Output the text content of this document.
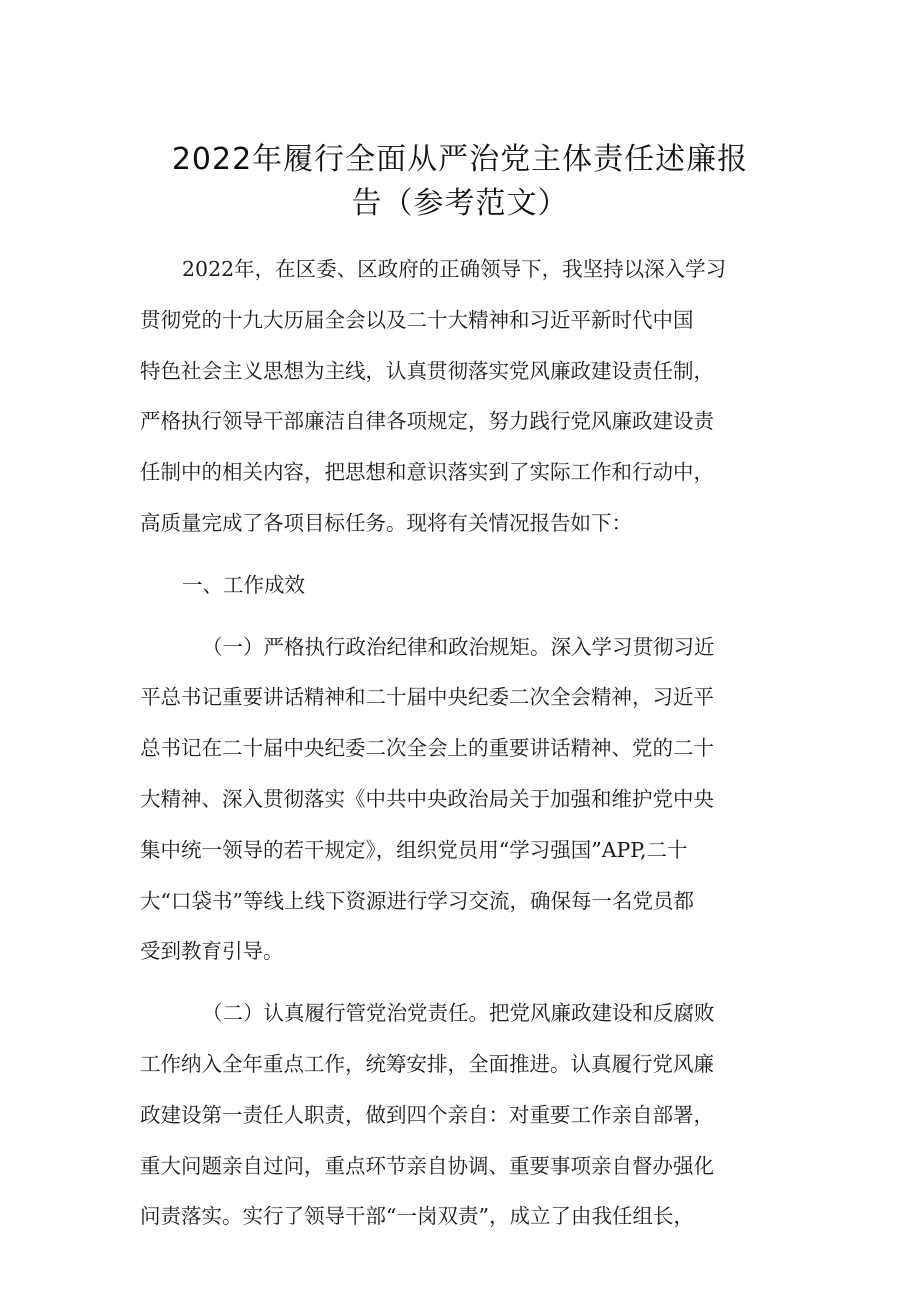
2022年履行全面从严治党主体责任述廉报
告（参考范文）
2022年，在区委、区政府的正确领导下，我坚持以深入学习
贯彻党的十九大历届全会以及二十大精神和习近平新时代中国
特色社会主义思想为主线，认真贯彻落实党风廉政建设责任制，
严格执行领导干部廉洁自律各项规定，努力践行党风廉政建设责
任制中的相关内容，把思想和意识落实到了实际工作和行动中，
高质量完成了各项目标任务。现将有关情况报告如下：
一、工作成效
（一）严格执行政治纪律和政治规矩。深入学习贯彻习近
平总书记重要讲话精神和二十届中央纪委二次全会精神，习近平
总书记在二十届中央纪委二次全会上的重要讲话精神、党的二十
大精神、深入贯彻落实《中共中央政治局关于加强和维护党中央
集中统一领导的若干规定》，组织党员用“学习强国”APP,二十
大“口袋书”等线上线下资源进行学习交流，确保每一名党员都
受到教育引导。
（二）认真履行管党治党责任。把党风廉政建设和反腐败
工作纳入全年重点工作，统筹安排，全面推进。认真履行党风廉
政建设第一责任人职责，做到四个亲自：对重要工作亲自部署，
重大问题亲自过问，重点环节亲自协调、重要事项亲自督办强化
问责落实。实行了领导干部“一岗双责”，成立了由我任组长，
